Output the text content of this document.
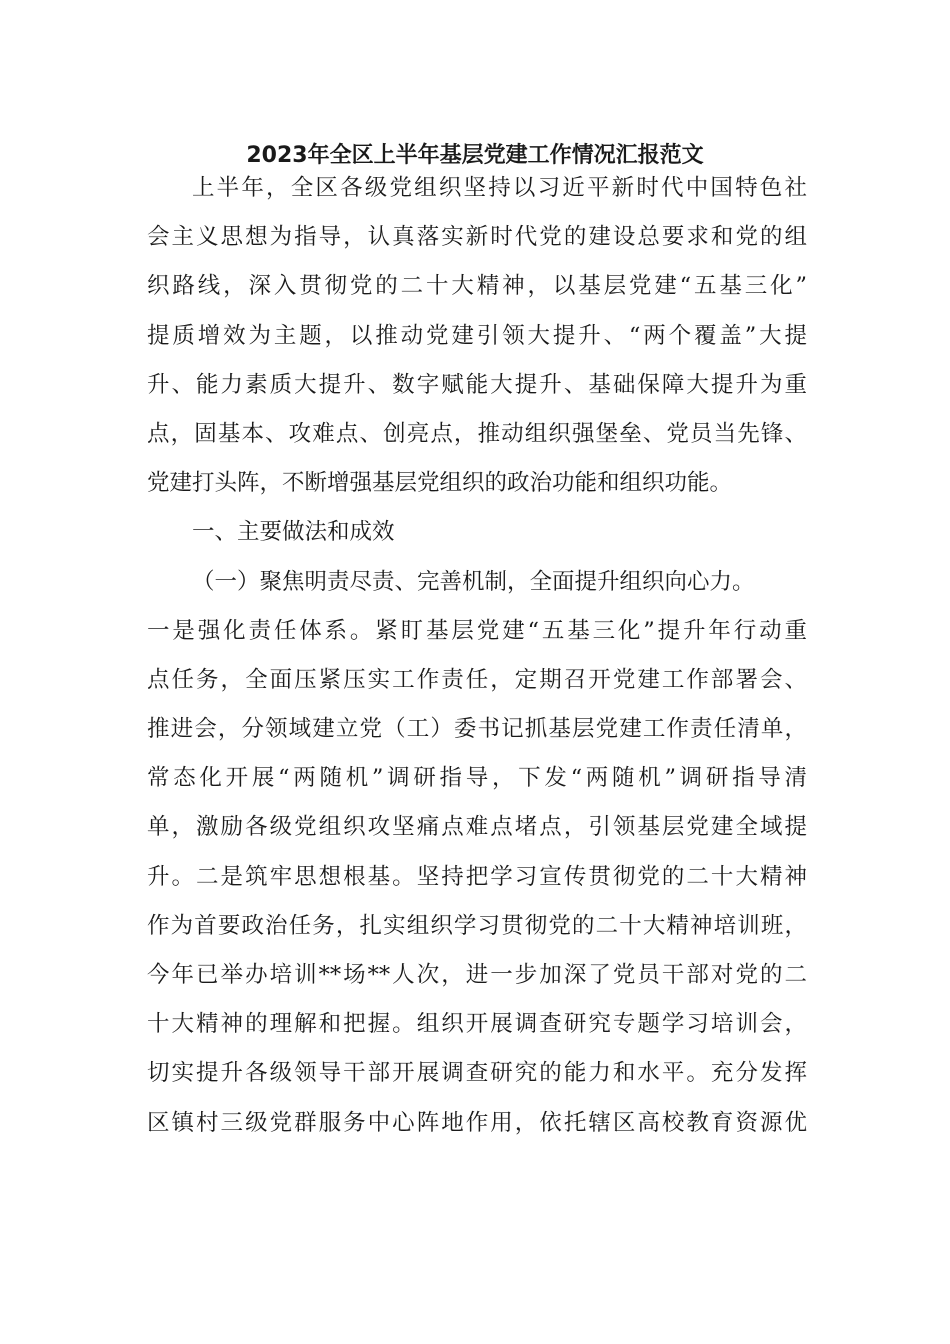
2023年全区上半年基层党建工作情况汇报范文
上半年，全区各级党组织坚持以习近平新时代中国特色社
会主义思想为指导，认真落实新时代党的建设总要求和党的组
织路线，深入贯彻党的二十大精神，以基层党建“五基三化”
提质增效为主题，以推动党建引领大提升、“两个覆盖”大提
升、能力素质大提升、数字赋能大提升、基础保障大提升为重
点，固基本、攻难点、创亮点，推动组织强堡垒、党员当先锋、
党建打头阵，不断增强基层党组织的政治功能和组织功能。
一、主要做法和成效
（一）聚焦明责尽责、完善机制，全面提升组织向心力。
一是强化责任体系。紧盯基层党建“五基三化”提升年行动重
点任务，全面压紧压实工作责任，定期召开党建工作部署会、
推进会，分领域建立党（工）委书记抓基层党建工作责任清单，
常态化开展“两随机”调研指导，下发“两随机”调研指导清
单，激励各级党组织攻坚痛点难点堵点，引领基层党建全域提
升。二是筑牢思想根基。坚持把学习宣传贯彻党的二十大精神
作为首要政治任务，扎实组织学习贯彻党的二十大精神培训班，
今年已举办培训**场**人次，进一步加深了党员干部对党的二
十大精神的理解和把握。组织开展调查研究专题学习培训会，
切实提升各级领导干部开展调查研究的能力和水平。充分发挥
区镇村三级党群服务中心阵地作用，依托辖区高校教育资源优
